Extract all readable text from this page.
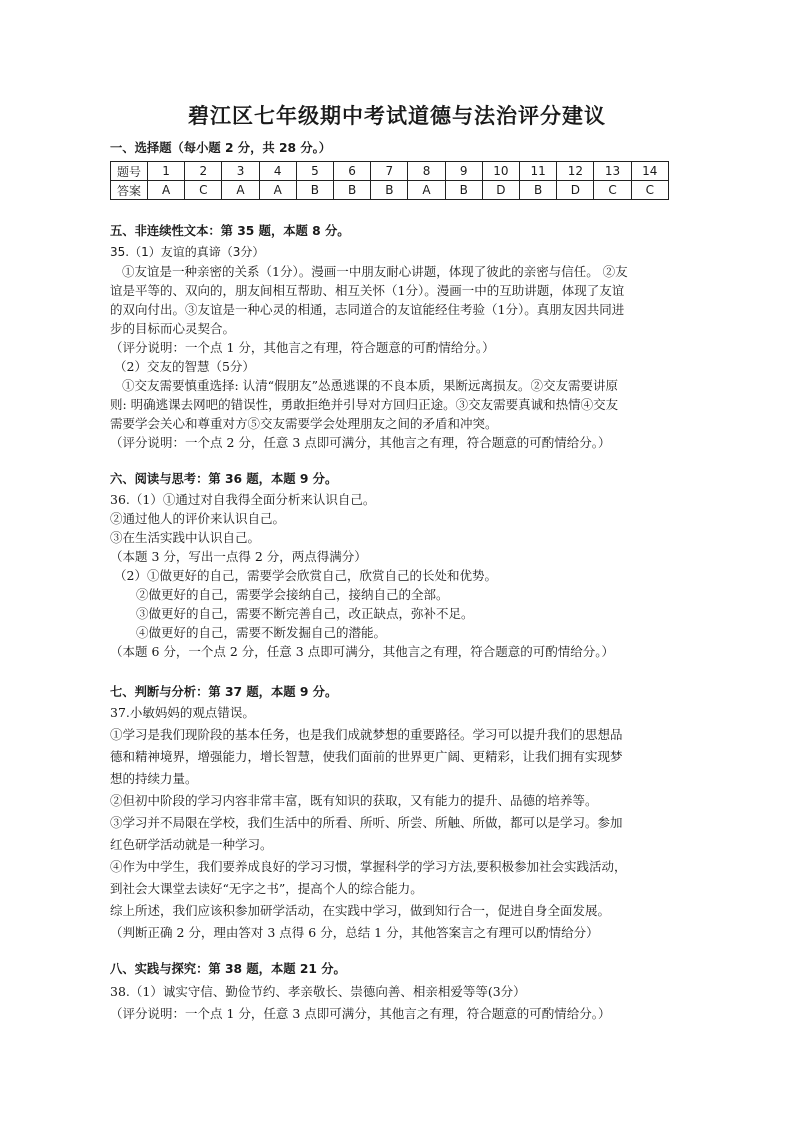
碧江区七年级期中考试道德与法治评分建议
一、选择题（每小题 2 分，共 28 分。）
题号	1	2	3	4	5	6	7	8	9	10	11	12	13	14
答案	A	C	A	A	B	B	B	A	B	D	B	D	C	C
五、非连续性文本：第 35 题，本题 8 分。
35.（1）友谊的真谛（3分）
①友谊是一种亲密的关系（1分）。漫画一中朋友耐心讲题，体现了彼此的亲密与信任。 ②友
谊是平等的、双向的，朋友间相互帮助、相互关怀（1分）。漫画一中的互助讲题，体现了友谊
的双向付出。③友谊是一种心灵的相通，志同道合的友谊能经住考验（1分）。真朋友因共同进
步的目标而心灵契合。
（评分说明：一个点 1 分，其他言之有理，符合题意的可酌情给分。）
（2）交友的智慧（5分）
①交友需要慎重选择: 认清“假朋友”怂恿逃课的不良本质，果断远离损友。②交友需要讲原
则: 明确逃课去网吧的错误性，勇敢拒绝并引导对方回归正途。③交友需要真诚和热情④交友
需要学会关心和尊重对方⑤交友需要学会处理朋友之间的矛盾和冲突。
（评分说明：一个点 2 分，任意 3 点即可满分，其他言之有理，符合题意的可酌情给分。）
六、阅读与思考：第 36 题，本题 9 分。
36.（1）①通过对自我得全面分析来认识自己。
②通过他人的评价来认识自己。
③在生活实践中认识自己。
（本题 3 分，写出一点得 2 分，两点得满分）
（2）①做更好的自己，需要学会欣赏自己，欣赏自己的长处和优势。
②做更好的自己，需要学会接纳自己，接纳自己的全部。
③做更好的自己，需要不断完善自己，改正缺点，弥补不足。
④做更好的自己，需要不断发掘自己的潜能。
（本题 6 分，一个点 2 分，任意 3 点即可满分，其他言之有理，符合题意的可酌情给分。）
七、判断与分析：第 37 题，本题 9 分。
37.小敏妈妈的观点错误。
①学习是我们现阶段的基本任务，也是我们成就梦想的重要路径。学习可以提升我们的思想品
德和精神境界，增强能力，增长智慧，使我们面前的世界更广阔、更精彩，让我们拥有实现梦
想的持续力量。
②但初中阶段的学习内容非常丰富，既有知识的获取，又有能力的提升、品德的培养等。
③学习并不局限在学校，我们生活中的所看、所听、所尝、所触、所做，都可以是学习。参加
红色研学活动就是一种学习。
④作为中学生，我们要养成良好的学习习惯，掌握科学的学习方法,要积极参加社会实践活动，
到社会大课堂去读好“无字之书”，提高个人的综合能力。
综上所述，我们应该积参加研学活动，在实践中学习，做到知行合一，促进自身全面发展。
（判断正确 2 分，理由答对 3 点得 6 分，总结 1 分，其他答案言之有理可以酌情给分）
八、实践与探究：第 38 题，本题 21 分。
38.（1）诚实守信、勤俭节约、孝亲敬长、崇德向善、相亲相爱等等(3分）
（评分说明：一个点 1 分，任意 3 点即可满分，其他言之有理，符合题意的可酌情给分。）
